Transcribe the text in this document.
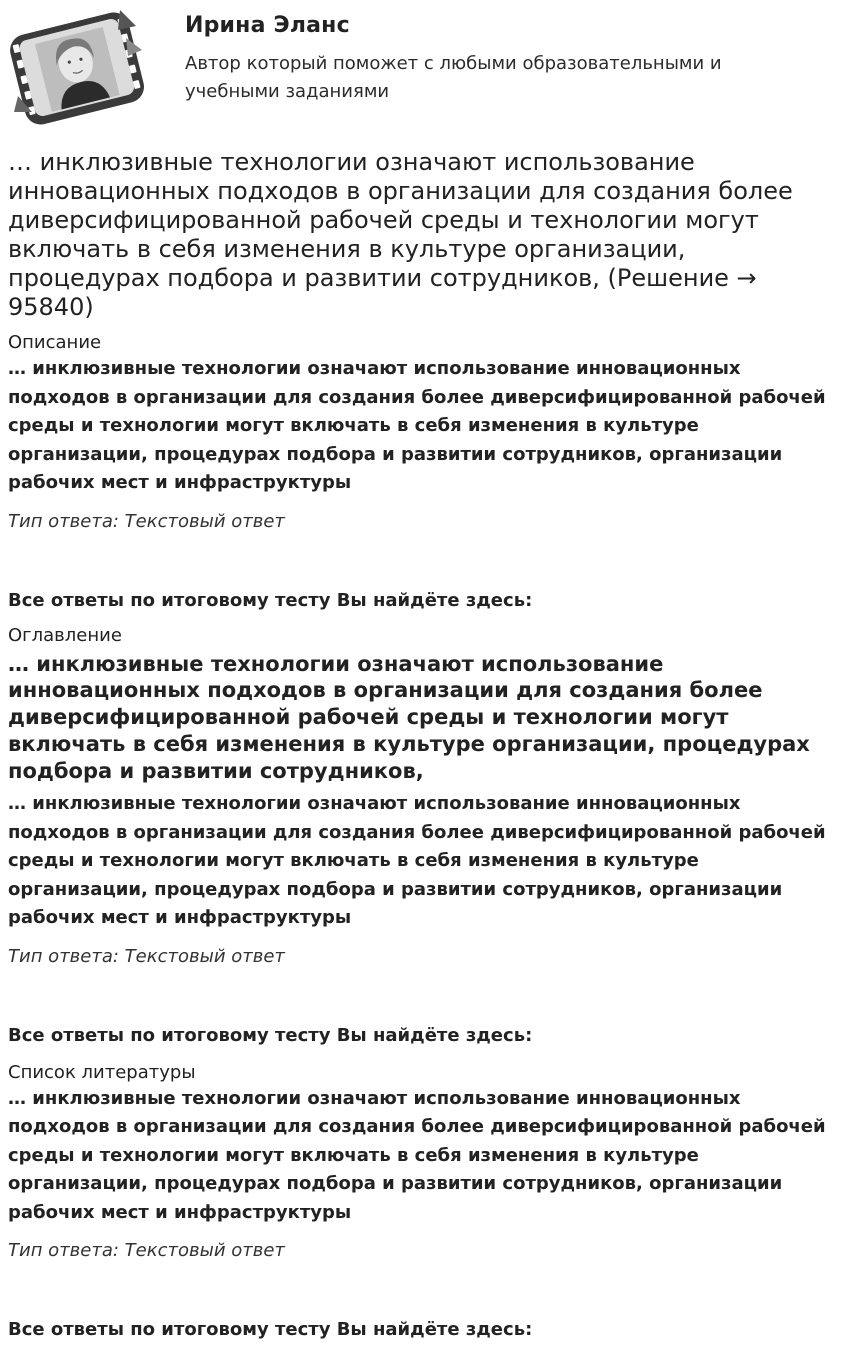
Ирина Эланс
Автор который поможет с любыми образовательными и учебными заданиями
… инклюзивные технологии означают использование инновационных подходов в организации для создания более диверсифицированной рабочей среды и технологии могут включать в себя изменения в культуре организации, процедурах подбора и развитии сотрудников, (Решение → 95840)
Описание
… инклюзивные технологии означают использование инновационных подходов в организации для создания более диверсифицированной рабочей среды и технологии могут включать в себя изменения в культуре организации, процедурах подбора и развитии сотрудников, организации рабочих мест и инфраструктуры
Тип ответа: Текстовый ответ
Все ответы по итоговому тесту Вы найдёте здесь:
Оглавление
… инклюзивные технологии означают использование инновационных подходов в организации для создания более диверсифицированной рабочей среды и технологии могут включать в себя изменения в культуре организации, процедурах подбора и развитии сотрудников,
… инклюзивные технологии означают использование инновационных подходов в организации для создания более диверсифицированной рабочей среды и технологии могут включать в себя изменения в культуре организации, процедурах подбора и развитии сотрудников, организации рабочих мест и инфраструктуры
Тип ответа: Текстовый ответ
Все ответы по итоговому тесту Вы найдёте здесь:
Список литературы
… инклюзивные технологии означают использование инновационных подходов в организации для создания более диверсифицированной рабочей среды и технологии могут включать в себя изменения в культуре организации, процедурах подбора и развитии сотрудников, организации рабочих мест и инфраструктуры
Тип ответа: Текстовый ответ
Все ответы по итоговому тесту Вы найдёте здесь:
